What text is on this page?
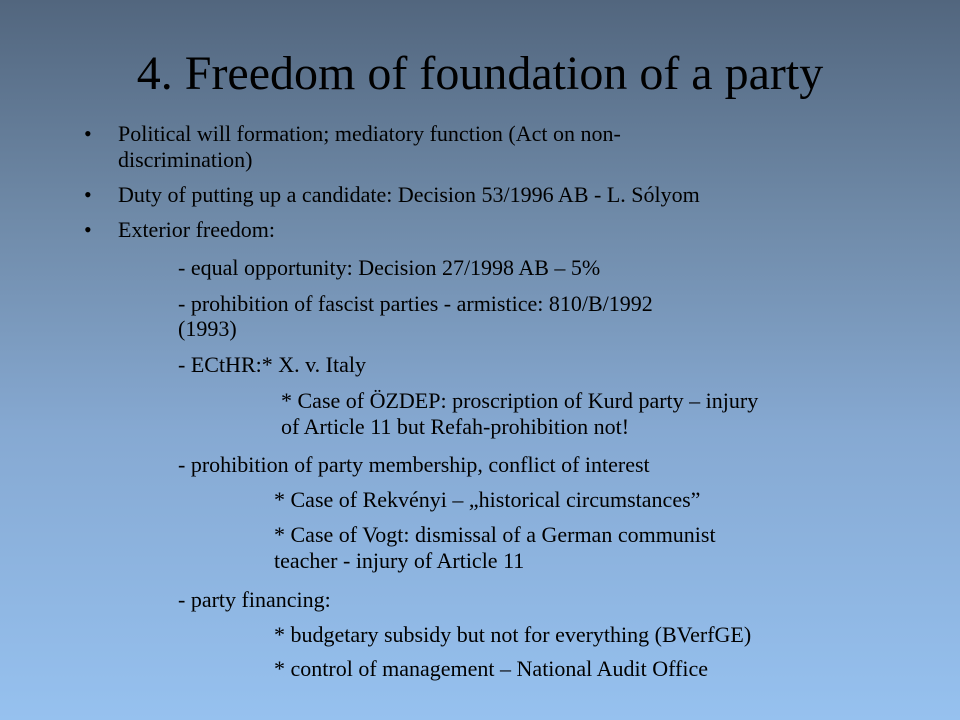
4. Freedom of foundation of a party
• Political will formation; mediatory function (Act on non-
discrimination)
• Duty of putting up a candidate: Decision 53/1996 AB - L. Sólyom
• Exterior freedom:
- equal opportunity: Decision 27/1998 AB – 5%
- prohibition of fascist parties - armistice: 810/B/1992
(1993)
- ECtHR:* X. v. Italy
* Case of ÖZDEP: proscription of Kurd party – injury
of Article 11 but Refah-prohibition not!
- prohibition of party membership, conflict of interest
* Case of Rekvényi – „historical circumstances”
* Case of Vogt: dismissal of a German communist
teacher - injury of Article 11
- party financing:
* budgetary subsidy but not for everything (BVerfGE)
* control of management – National Audit Office
